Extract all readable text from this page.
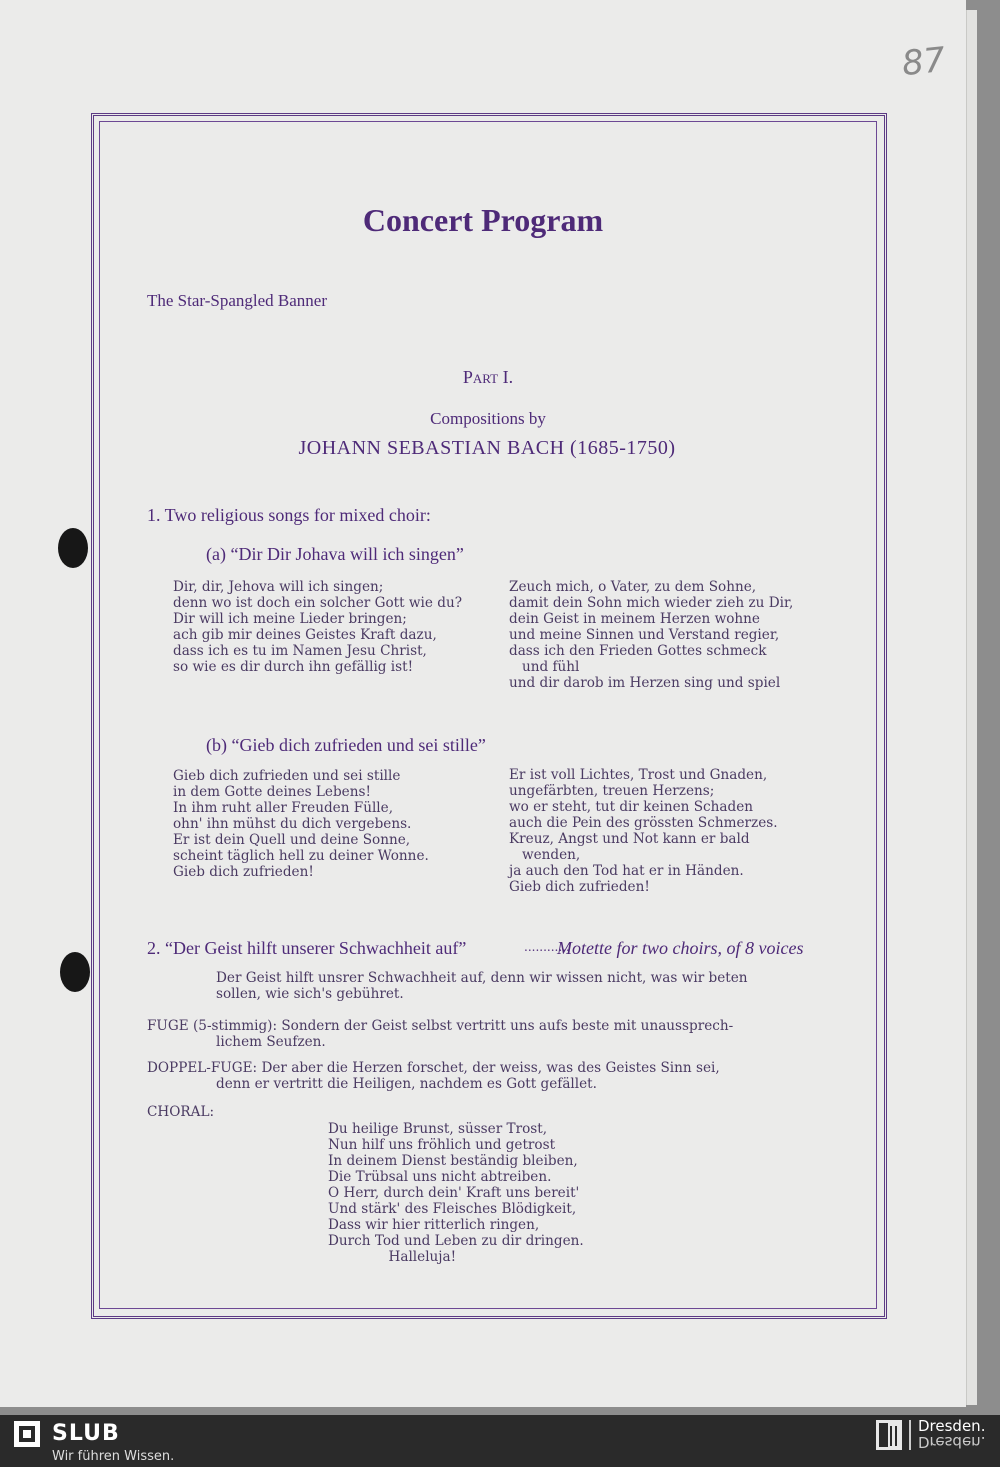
87
Concert Program

The Star-Spangled Banner

Part I.

Compositions by

JOHANN SEBASTIAN BACH (1685-1750)

1. Two religious songs for mixed choir:

(a) “Dir Dir Johava will ich singen”

Dir, dir, Jehova will ich singen;
denn wo ist doch ein solcher Gott wie du?
Dir will ich meine Lieder bringen;
ach gib mir deines Geistes Kraft dazu,
dass ich es tu im Namen Jesu Christ,
so wie es dir durch ihn gefällig ist!
Zeuch mich, o Vater, zu dem Sohne,
damit dein Sohn mich wieder zieh zu Dir,
dein Geist in meinem Herzen wohne
und meine Sinnen und Verstand regier,
dass ich den Frieden Gottes schmeck
und fühl
und dir darob im Herzen sing und spiel

(b) “Gieb dich zufrieden und sei stille”

Gieb dich zufrieden und sei stille
in dem Gotte deines Lebens!
In ihm ruht aller Freuden Fülle,
ohn' ihn mühst du dich vergebens.
Er ist dein Quell und deine Sonne,
scheint täglich hell zu deiner Wonne.
Gieb dich zufrieden!
Er ist voll Lichtes, Trost und Gnaden,
ungefärbten, treuen Herzens;
wo er steht, tut dir keinen Schaden
auch die Pein des grössten Schmerzes.
Kreuz, Angst und Not kann er bald
wenden,
ja auch den Tod hat er in Händen.
Gieb dich zufrieden!

2. “Der Geist hilft unserer Schwachheit auf”	............

Motette for two choirs, of 8 voices

Der Geist hilft unsrer Schwachheit auf, denn wir wissen nicht, was wir beten
sollen, wie sich's gebühret.

FUGE (5-stimmig): Sondern der Geist selbst vertritt uns aufs beste mit unaussprech-

lichem Seufzen.

DOPPEL-FUGE: Der aber die Herzen forschet, der weiss, was des Geistes Sinn sei,

denn er vertritt die Heiligen, nachdem es Gott gefället.

CHORAL:

Du heilige Brunst, süsser Trost,
Nun hilf uns fröhlich und getrost
In deinem Dienst beständig bleiben,
Die Trübsal uns nicht abtreiben.
O Herr, durch dein' Kraft uns bereit'
Und stärk' des Fleisches Blödigkeit,
Dass wir hier ritterlich ringen,
Durch Tod und Leben zu dir dringen.
Halleluja!
SLUB
Wir führen Wissen.
Dresden.
Dresden.
